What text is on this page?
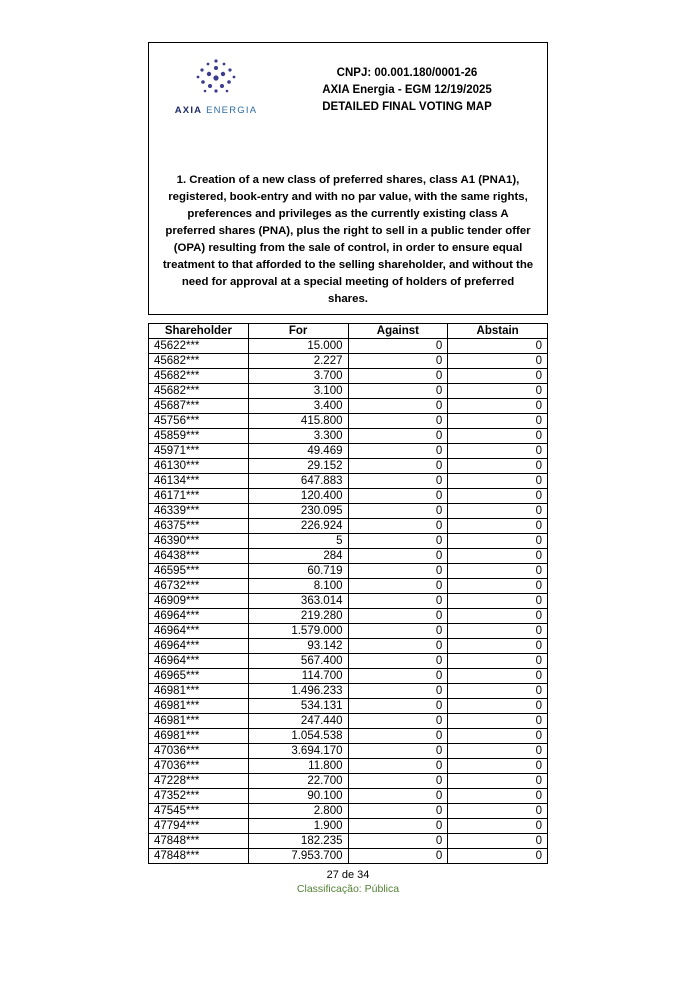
AXIA ENERGIA
CNPJ: 00.001.180/0001-26
AXIA Energia - EGM 12/19/2025
DETAILED FINAL VOTING MAP
1. Creation of a new class of preferred shares, class A1 (PNA1), registered, book-entry and with no par value, with the same rights, preferences and privileges as the currently existing class A preferred shares (PNA), plus the right to sell in a public tender offer (OPA) resulting from the sale of control, in order to ensure equal treatment to that afforded to the selling shareholder, and without the need for approval at a special meeting of holders of preferred shares.
Shareholder	For	Against	Abstain
45622***	15.000	0	0
45682***	2.227	0	0
45682***	3.700	0	0
45682***	3.100	0	0
45687***	3.400	0	0
45756***	415.800	0	0
45859***	3.300	0	0
45971***	49.469	0	0
46130***	29.152	0	0
46134***	647.883	0	0
46171***	120.400	0	0
46339***	230.095	0	0
46375***	226.924	0	0
46390***	5	0	0
46438***	284	0	0
46595***	60.719	0	0
46732***	8.100	0	0
46909***	363.014	0	0
46964***	219.280	0	0
46964***	1.579.000	0	0
46964***	93.142	0	0
46964***	567.400	0	0
46965***	114.700	0	0
46981***	1.496.233	0	0
46981***	534.131	0	0
46981***	247.440	0	0
46981***	1.054.538	0	0
47036***	3.694.170	0	0
47036***	11.800	0	0
47228***	22.700	0	0
47352***	90.100	0	0
47545***	2.800	0	0
47794***	1.900	0	0
47848***	182.235	0	0
47848***	7.953.700	0	0
27 de 34
Classificação: Pública
